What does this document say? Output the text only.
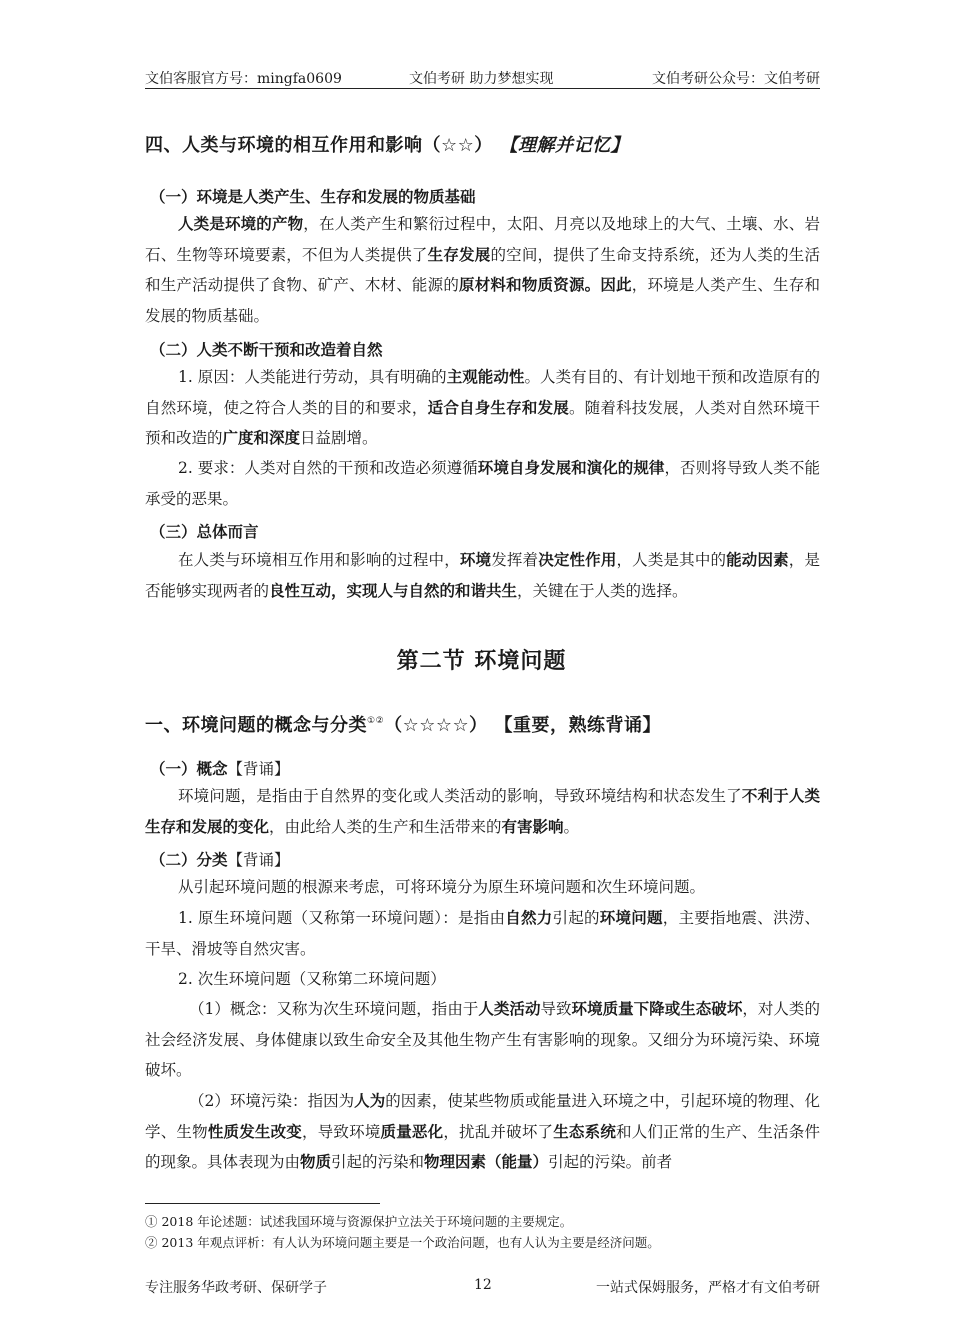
文伯客服官方号：mingfa0609	文伯考研 助力梦想实现	文伯考研公众号：文伯考研
四、人类与环境的相互作用和影响（☆☆） 【理解并记忆】
（一）环境是人类产生、生存和发展的物质基础
人类是环境的产物，在人类产生和繁衍过程中，太阳、月亮以及地球上的大气、土壤、水、岩石、生物等环境要素，不但为人类提供了生存发展的空间，提供了生命支持系统，还为人类的生活和生产活动提供了食物、矿产、木材、能源的原材料和物质资源。因此，环境是人类产生、生存和发展的物质基础。
（二）人类不断干预和改造着自然
1. 原因：人类能进行劳动，具有明确的主观能动性。人类有目的、有计划地干预和改造原有的自然环境，使之符合人类的目的和要求，适合自身生存和发展。随着科技发展，人类对自然环境干预和改造的广度和深度日益剧增。
2. 要求：人类对自然的干预和改造必须遵循环境自身发展和演化的规律，否则将导致人类不能承受的恶果。
（三）总体而言
在人类与环境相互作用和影响的过程中，环境发挥着决定性作用，人类是其中的能动因素，是否能够实现两者的良性互动，实现人与自然的和谐共生，关键在于人类的选择。
第二节 环境问题
一、环境问题的概念与分类①②（☆☆☆☆） 【重要，熟练背诵】
（一）概念【背诵】
环境问题，是指由于自然界的变化或人类活动的影响，导致环境结构和状态发生了不利于人类生存和发展的变化，由此给人类的生产和生活带来的有害影响。
（二）分类【背诵】
从引起环境问题的根源来考虑，可将环境分为原生环境问题和次生环境问题。
1. 原生环境问题（又称第一环境问题）：是指由自然力引起的环境问题，主要指地震、洪涝、干旱、滑坡等自然灾害。
2. 次生环境问题（又称第二环境问题）
（1）概念：又称为次生环境问题，指由于人类活动导致环境质量下降或生态破坏，对人类的社会经济发展、身体健康以致生命安全及其他生物产生有害影响的现象。又细分为环境污染、环境破坏。
（2）环境污染：指因为人为的因素，使某些物质或能量进入环境之中，引起环境的物理、化学、生物性质发生改变，导致环境质量恶化，扰乱并破坏了生态系统和人们正常的生产、生活条件的现象。具体表现为由物质引起的污染和物理因素（能量）引起的污染。前者
① 2018 年论述题：试述我国环境与资源保护立法关于环境问题的主要规定。
② 2013 年观点评析：有人认为环境问题主要是一个政治问题，也有人认为主要是经济问题。
专注服务华政考研、保研学子	12	一站式保姆服务，严格才有文伯考研
